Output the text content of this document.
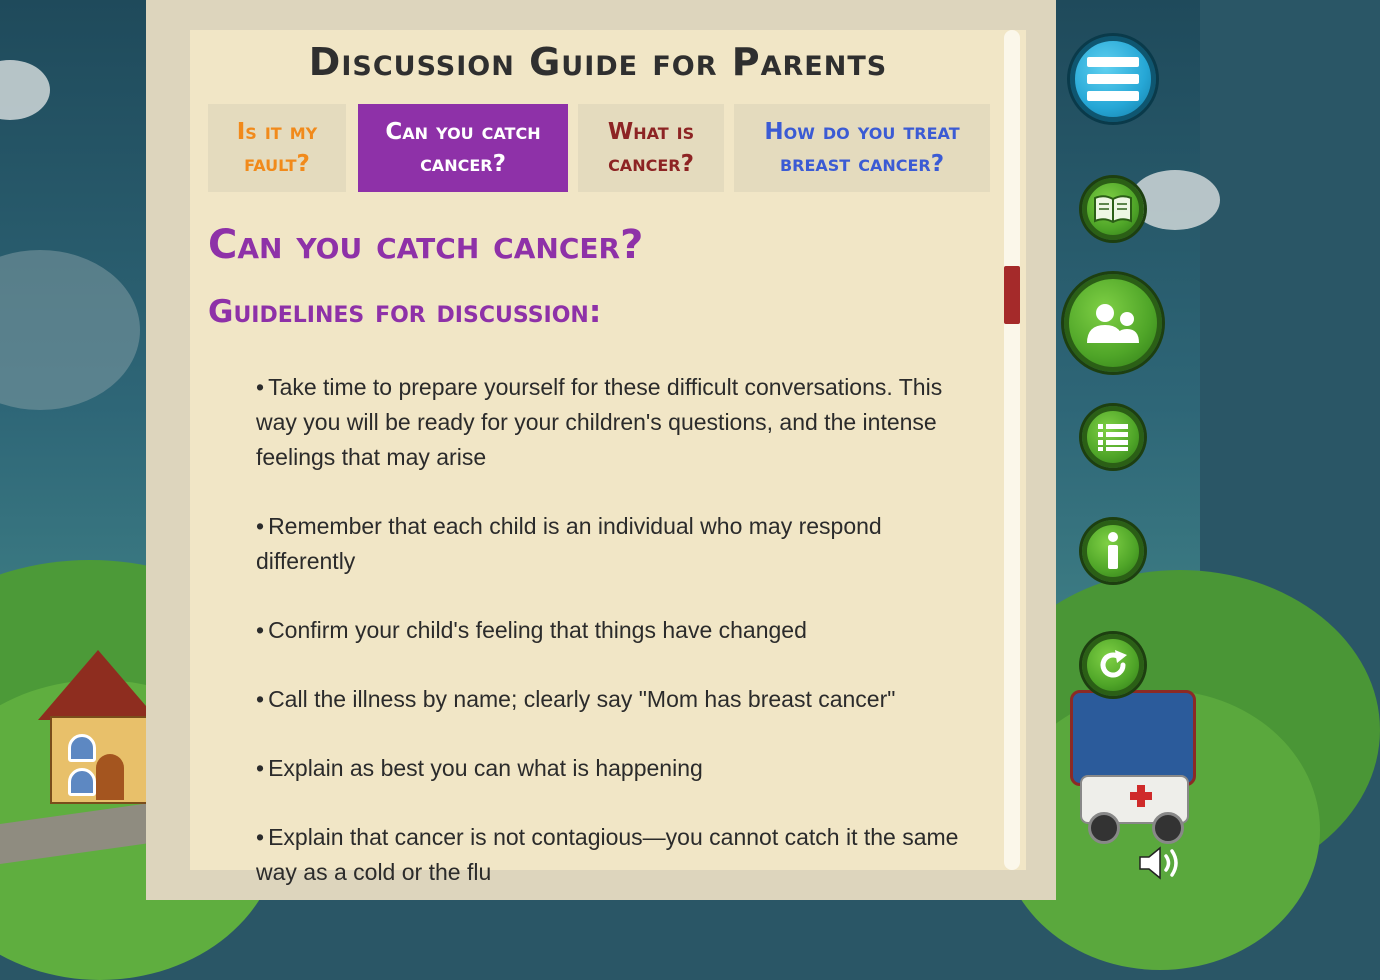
Discussion Guide for Parents
Is it my fault?
Can you catch cancer?
What is cancer?
How do you treat breast cancer?
Can you catch cancer?
Guidelines for discussion:
• Take time to prepare yourself for these difficult conversations. This way you will be ready for your children's questions, and the intense feelings that may arise
• Remember that each child is an individual who may respond differently
• Confirm your child's feeling that things have changed
• Call the illness by name; clearly say "Mom has breast cancer"
• Explain as best you can what is happening
• Explain that cancer is not contagious—you cannot catch it the same way as a cold or the flu
